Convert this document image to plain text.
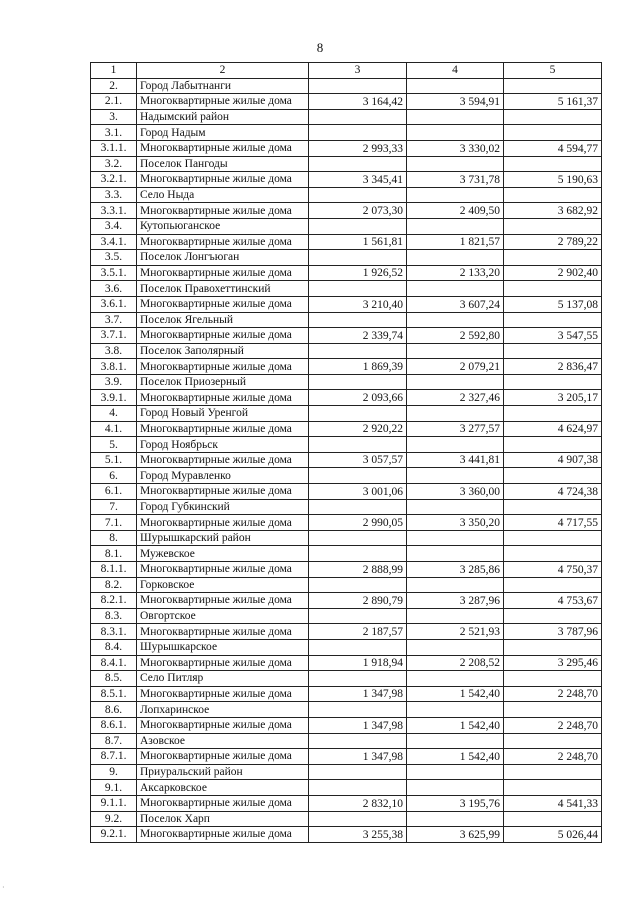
8
1	2	3	4	5
2.	Город Лабытнанги			
2.1.	Многоквартирные жилые дома	3 164,42	3 594,91	5 161,37
3.	Надымский район			
3.1.	Город Надым			
3.1.1.	Многоквартирные жилые дома	2 993,33	3 330,02	4 594,77
3.2.	Поселок Пангоды			
3.2.1.	Многоквартирные жилые дома	3 345,41	3 731,78	5 190,63
3.3.	Село Ныда			
3.3.1.	Многоквартирные жилые дома	2 073,30	2 409,50	3 682,92
3.4.	Кутопьюганское			
3.4.1.	Многоквартирные жилые дома	1 561,81	1 821,57	2 789,22
3.5.	Поселок Лонгъюган			
3.5.1.	Многоквартирные жилые дома	1 926,52	2 133,20	2 902,40
3.6.	Поселок Правохеттинский			
3.6.1.	Многоквартирные жилые дома	3 210,40	3 607,24	5 137,08
3.7.	Поселок Ягельный			
3.7.1.	Многоквартирные жилые дома	2 339,74	2 592,80	3 547,55
3.8.	Поселок Заполярный			
3.8.1.	Многоквартирные жилые дома	1 869,39	2 079,21	2 836,47
3.9.	Поселок Приозерный			
3.9.1.	Многоквартирные жилые дома	2 093,66	2 327,46	3 205,17
4.	Город Новый Уренгой			
4.1.	Многоквартирные жилые дома	2 920,22	3 277,57	4 624,97
5.	Город Ноябрьск			
5.1.	Многоквартирные жилые дома	3 057,57	3 441,81	4 907,38
6.	Город Муравленко			
6.1.	Многоквартирные жилые дома	3 001,06	3 360,00	4 724,38
7.	Город Губкинский			
7.1.	Многоквартирные жилые дома	2 990,05	3 350,20	4 717,55
8.	Шурышкарский район			
8.1.	Мужевское			
8.1.1.	Многоквартирные жилые дома	2 888,99	3 285,86	4 750,37
8.2.	Горковское			
8.2.1.	Многоквартирные жилые дома	2 890,79	3 287,96	4 753,67
8.3.	Овгортское			
8.3.1.	Многоквартирные жилые дома	2 187,57	2 521,93	3 787,96
8.4.	Шурышкарское			
8.4.1.	Многоквартирные жилые дома	1 918,94	2 208,52	3 295,46
8.5.	Село Питляр			
8.5.1.	Многоквартирные жилые дома	1 347,98	1 542,40	2 248,70
8.6.	Лопхаринское			
8.6.1.	Многоквартирные жилые дома	1 347,98	1 542,40	2 248,70
8.7.	Азовское			
8.7.1.	Многоквартирные жилые дома	1 347,98	1 542,40	2 248,70
9.	Приуральский район			
9.1.	Аксарковское			
9.1.1.	Многоквартирные жилые дома	2 832,10	3 195,76	4 541,33
9.2.	Поселок Харп			
9.2.1.	Многоквартирные жилые дома	3 255,38	3 625,99	5 026,44
·
